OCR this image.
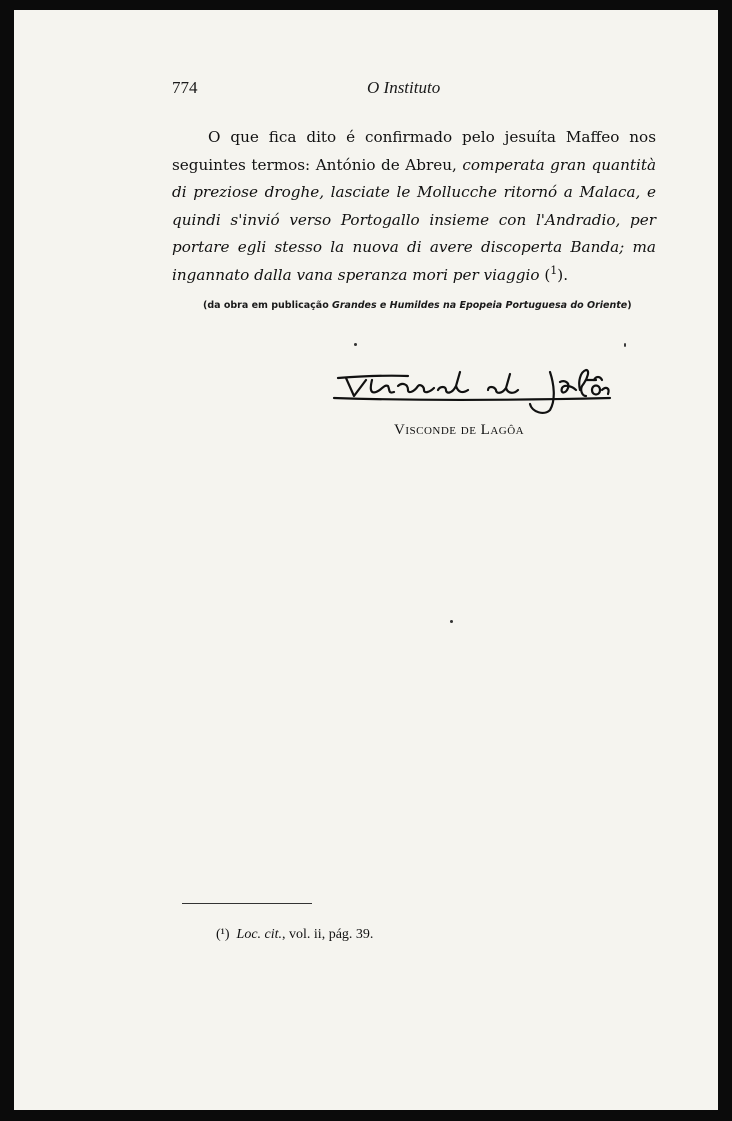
774	O Instituto

O que fica dito é confirmado pelo jesuíta Maffeo nos seguintes termos: António de Abreu, comperata gran quantità di preziose droghe, lasciate le Mollucche ritornó a Malaca, e quindi s'invió verso Portogallo insieme con l'Andradio, per portare egli stesso la nuova di avere discoperta Banda; ma ingannato dalla vana speranza mori per viaggio ($^1$).

(da obra em publicação Grandes e Humildes na Epopeia Portuguesa do Oriente)
Visconde de Lagôa
(¹) Loc. cit., vol. ii, pág. 39.
